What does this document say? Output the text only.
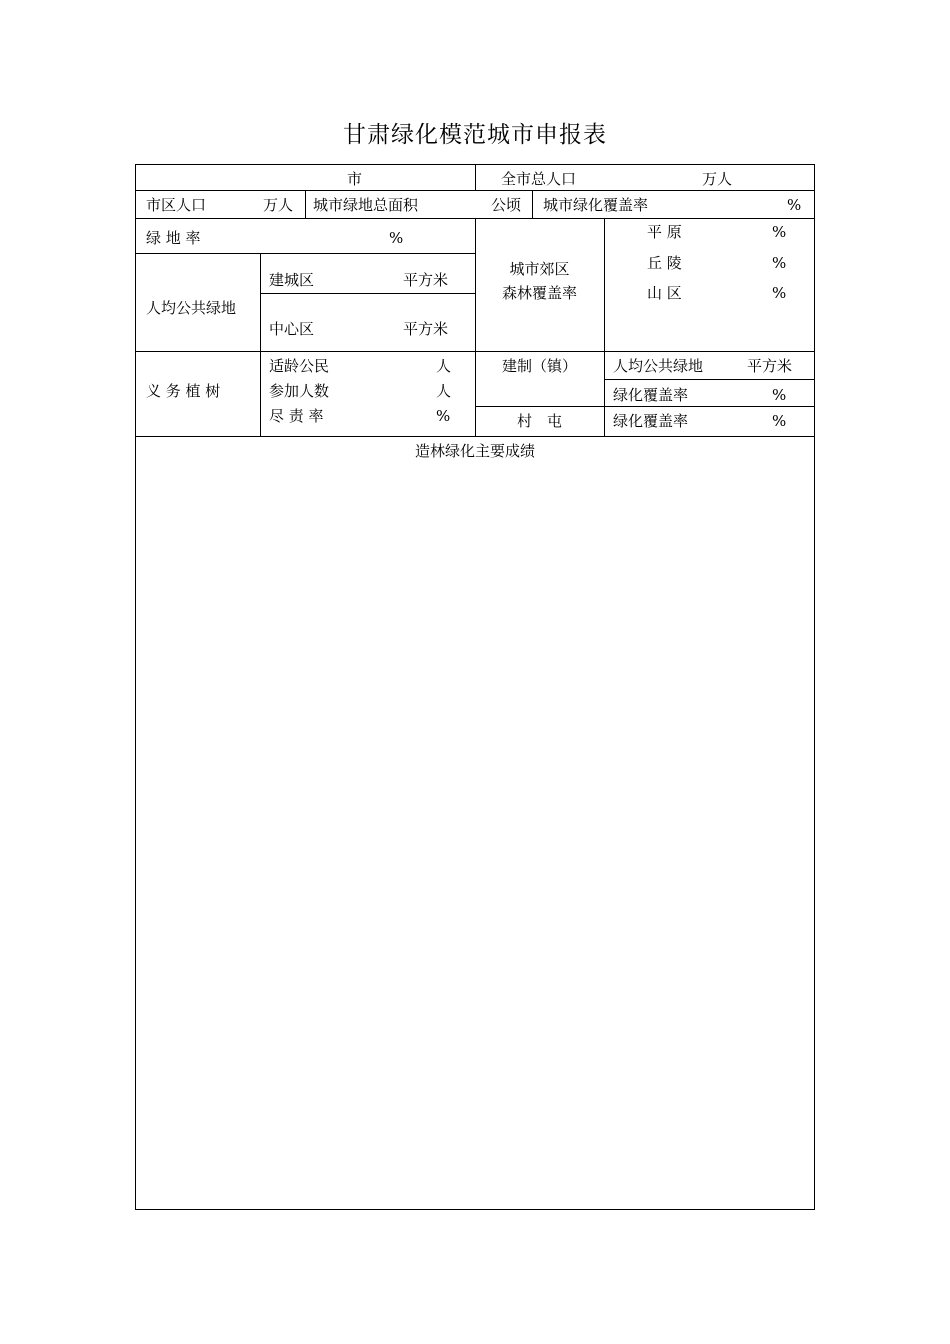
甘肃绿化模范城市申报表
市	全市总人口	万人
市区人口	万人 城市绿地总面积	公顷 城市绿化覆盖率	%
绿 地 率	%
人均公共绿地
建城区	平方米
中心区	平方米
城市郊区
森林覆盖率
平 原	%
丘 陵	%
山 区	%
义 务 植 树
适龄公民	人
参加人数	人
尽 责 率	%
建制（镇）	人均公共绿地	平方米
绿化覆盖率	%
村　屯	绿化覆盖率	%
造林绿化主要成绩
